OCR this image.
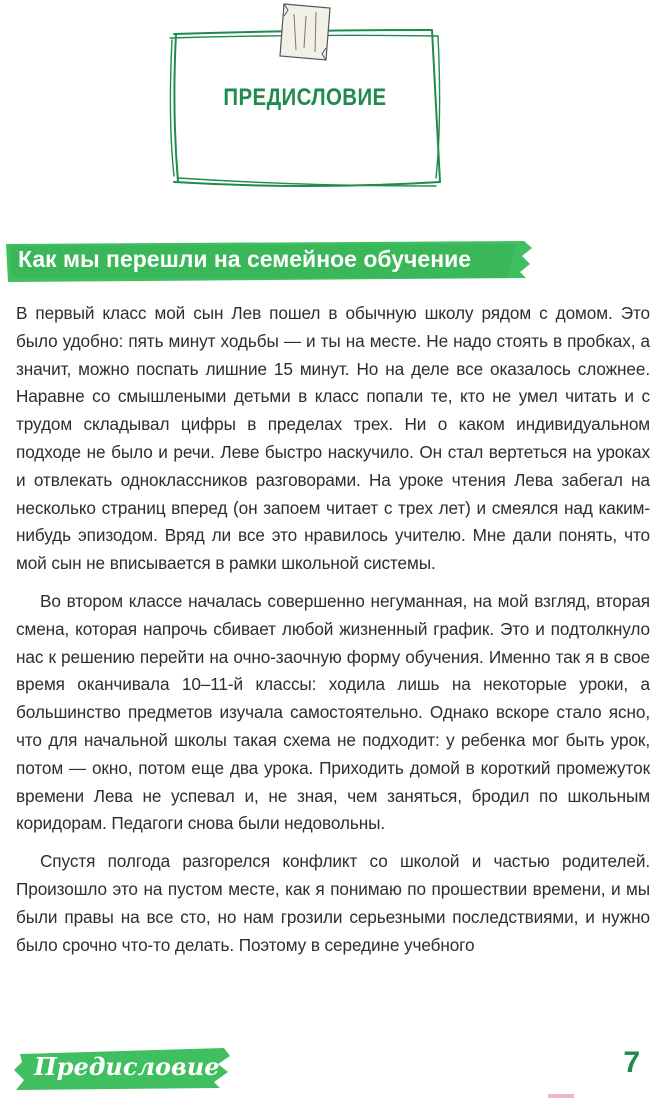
ПРЕДИСЛОВИЕ
Как мы перешли на семейное обучение

В первый класс мой сын Лев пошел в обычную школу рядом с домом. Это было удобно: пять минут ходьбы — и ты на месте. Не надо стоять в пробках, а значит, можно поспать лишние 15 минут. Но на деле все оказалось сложнее. Наравне со смышлеными детьми в класс попали те, кто не умел читать и с трудом складывал цифры в пределах трех. Ни о каком индивидуальном подходе не было и речи. Леве быстро наскучило. Он стал вертеться на уроках и отвлекать одноклассников разговорами. На уроке чтения Лева забегал на несколько страниц вперед (он запоем читает с трех лет) и смеялся над каким-нибудь эпизодом. Вряд ли все это нравилось учителю. Мне дали понять, что мой сын не вписывается в рамки школьной системы.

Во втором классе началась совершенно негуманная, на мой взгляд, вторая смена, которая напрочь сбивает любой жизненный график. Это и подтолкнуло нас к решению перейти на очно-заочную форму обучения. Именно так я в свое время оканчивала 10–11-й классы: ходила лишь на некоторые уроки, а большинство предметов изучала самостоятельно. Однако вскоре стало ясно, что для начальной школы такая схема не подходит: у ребенка мог быть урок, потом — окно, потом еще два урока. Приходить домой в короткий промежуток времени Лева не успевал и, не зная, чем заняться, бродил по школьным коридорам. Педагоги снова были недовольны.

Спустя полгода разгорелся конфликт со школой и частью родителей. Произошло это на пустом месте, как я понимаю по прошествии времени, и мы были правы на все сто, но нам грозили серьезными последствиями, и нужно было срочно что-то делать. Поэтому в середине учебного

Предисловие	7
